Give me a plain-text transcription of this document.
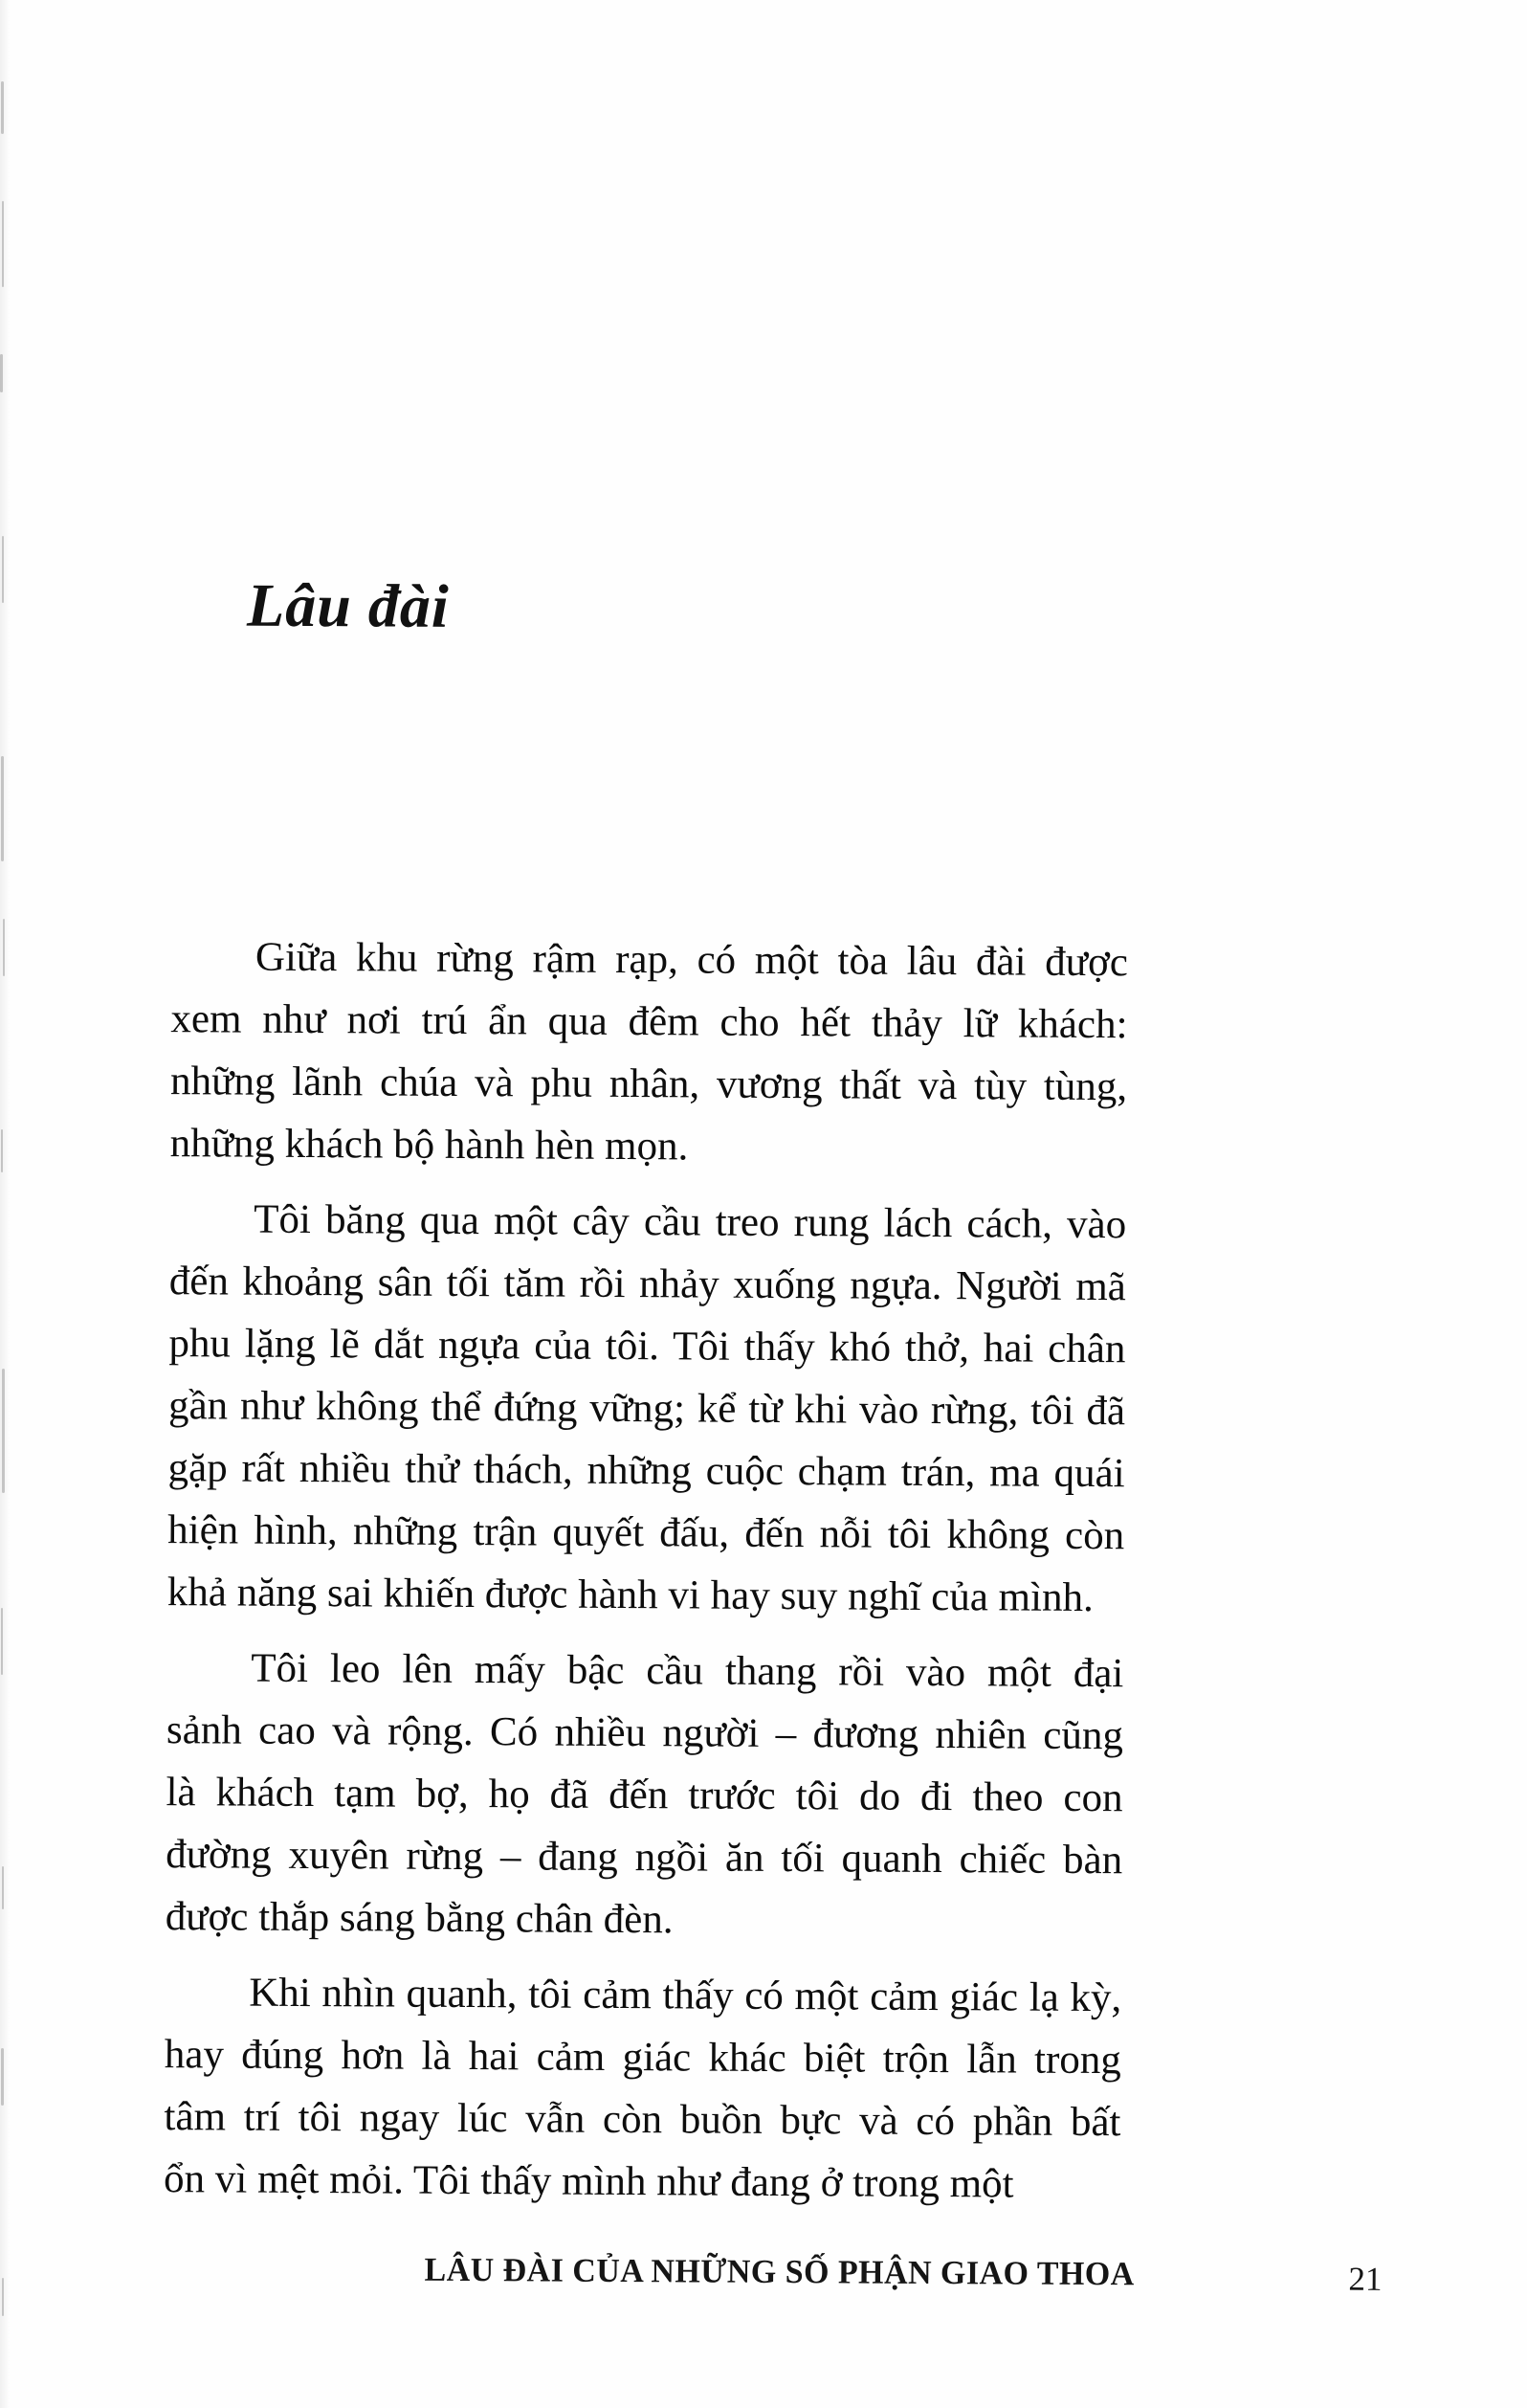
Lâu đài
Giữa khu rừng rậm rạp, có một tòa lâu đài được
xem như nơi trú ẩn qua đêm cho hết thảy lữ khách:
những lãnh chúa và phu nhân, vương thất và tùy tùng,
những khách bộ hành hèn mọn.
Tôi băng qua một cây cầu treo rung lách cách, vào
đến khoảng sân tối tăm rồi nhảy xuống ngựa. Người mã
phu lặng lẽ dắt ngựa của tôi. Tôi thấy khó thở, hai chân
gần như không thể đứng vững; kể từ khi vào rừng, tôi đã
gặp rất nhiều thử thách, những cuộc chạm trán, ma quái
hiện hình, những trận quyết đấu, đến nỗi tôi không còn
khả năng sai khiến được hành vi hay suy nghĩ của mình.
Tôi leo lên mấy bậc cầu thang rồi vào một đại
sảnh cao và rộng. Có nhiều người – đương nhiên cũng
là khách tạm bợ, họ đã đến trước tôi do đi theo con
đường xuyên rừng – đang ngồi ăn tối quanh chiếc bàn
được thắp sáng bằng chân đèn.
Khi nhìn quanh, tôi cảm thấy có một cảm giác lạ kỳ,
hay đúng hơn là hai cảm giác khác biệt trộn lẫn trong
tâm trí tôi ngay lúc vẫn còn buồn bực và có phần bất
ổn vì mệt mỏi. Tôi thấy mình như đang ở trong một

LÂU ĐÀI CỦA NHỮNG SỐ PHẬN GIAO THOA	21
